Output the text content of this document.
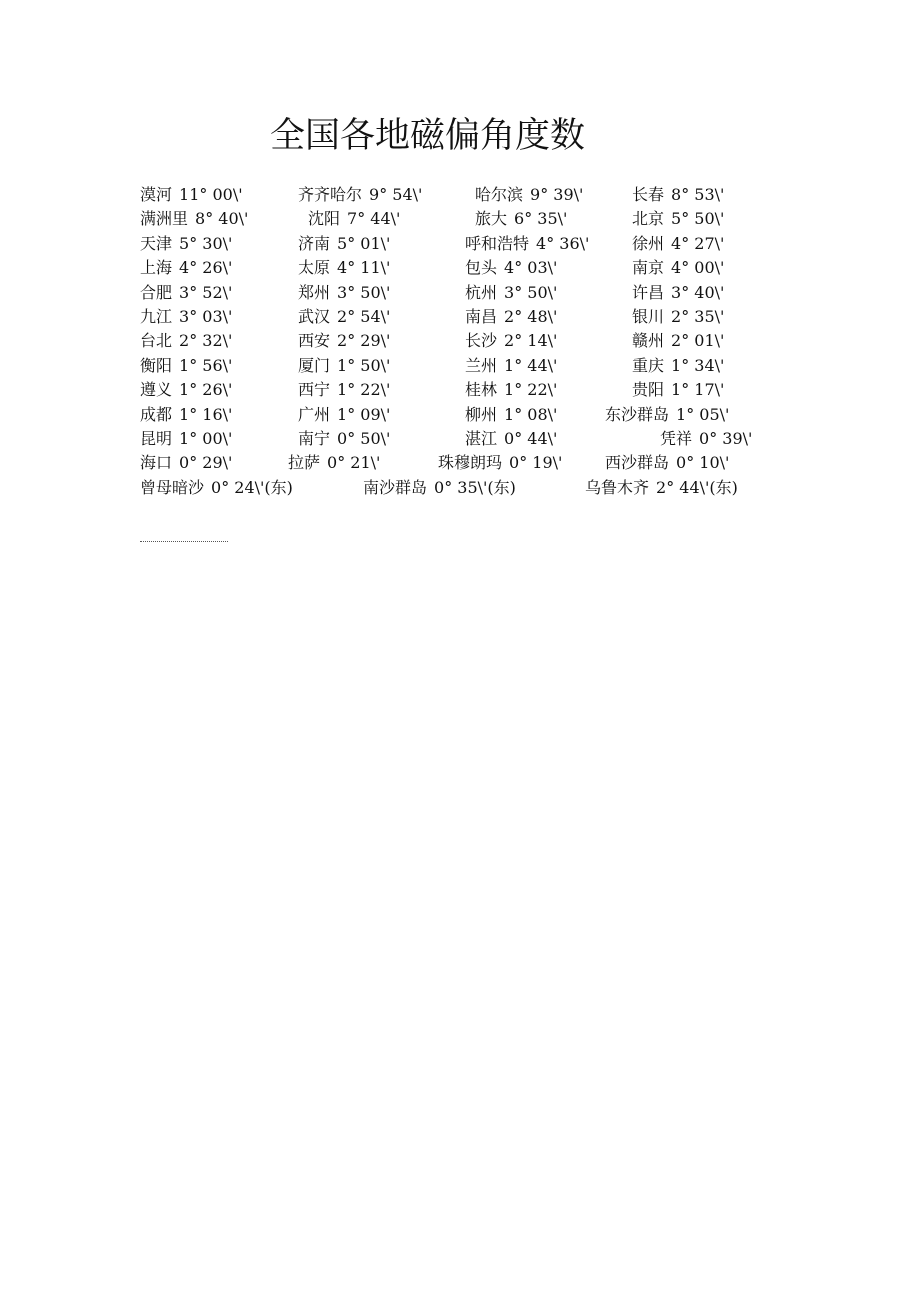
全国各地磁偏角度数
漠河 11° 00\'	齐齐哈尔 9° 54\'	哈尔滨 9° 39\'	长春 8° 53\'
满洲里 8° 40\'	沈阳 7° 44\'	旅大 6° 35\'	北京 5° 50\'
天津 5° 30\'	济南 5° 01\'	呼和浩特 4° 36\'	徐州 4° 27\'
上海 4° 26\'	太原 4° 11\'	包头 4° 03\'	南京 4° 00\'
合肥 3° 52\'	郑州 3° 50\'	杭州 3° 50\'	许昌 3° 40\'
九江 3° 03\'	武汉 2° 54\'	南昌 2° 48\'	银川 2° 35\'
台北 2° 32\'	西安 2° 29\'	长沙 2° 14\'	赣州 2° 01\'
衡阳 1° 56\'	厦门 1° 50\'	兰州 1° 44\'	重庆 1° 34\'
遵义 1° 26\'	西宁 1° 22\'	桂林 1° 22\'	贵阳 1° 17\'
成都 1° 16\'	广州 1° 09\'	柳州 1° 08\'	东沙群岛 1° 05\'
昆明 1° 00\'	南宁 0° 50\'	湛江 0° 44\'	凭祥 0° 39\'
海口 0° 29\'	拉萨 0° 21\'	珠穆朗玛 0° 19\'	西沙群岛 0° 10\'
曾母暗沙 0° 24\'(东)	南沙群岛 0° 35\'(东)	乌鲁木齐 2° 44\'(东)
